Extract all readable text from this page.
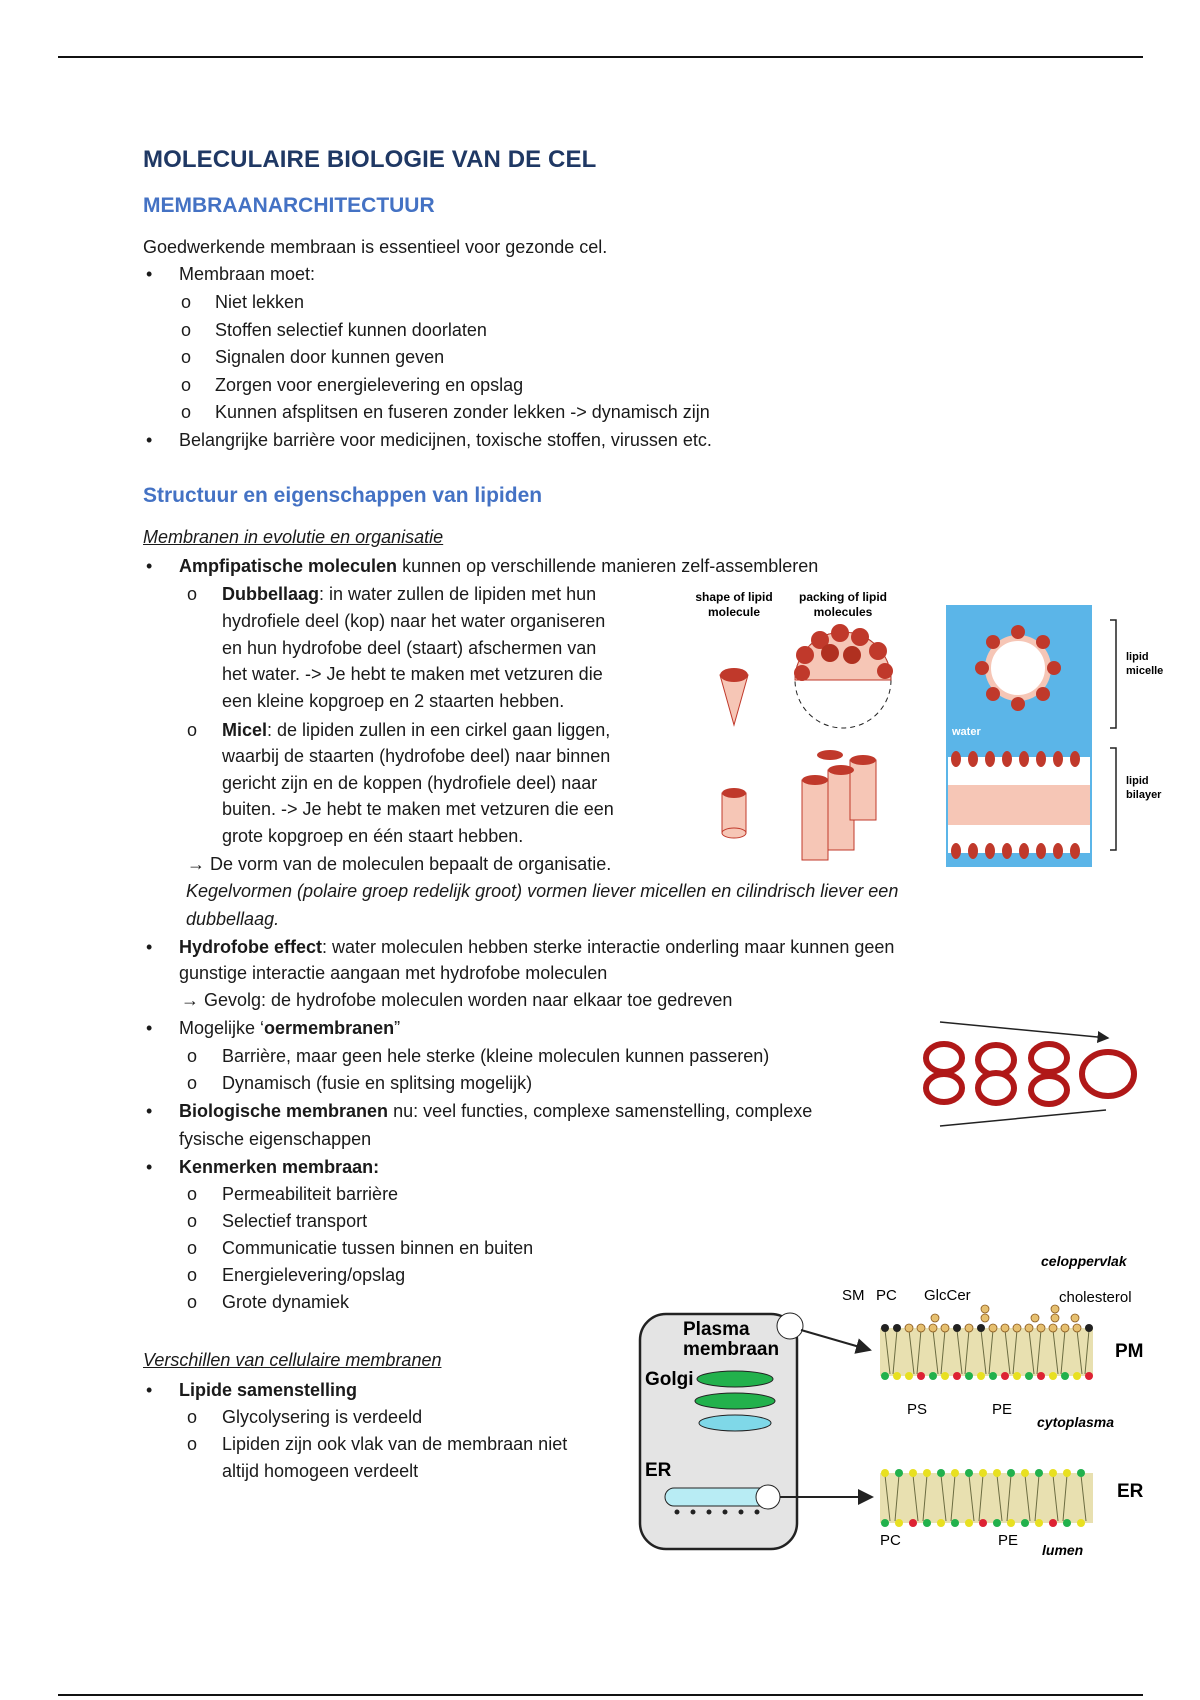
MOLECULAIRE BIOLOGIE VAN DE CEL
MEMBRAANARCHITECTUUR
Goedwerkende membraan is essentieel voor gezonde cel.
• Membraan moet:
o Niet lekken
o Stoffen selectief kunnen doorlaten
o Signalen door kunnen geven
o Zorgen voor energielevering en opslag
o Kunnen afsplitsen en fuseren zonder lekken -> dynamisch zijn
• Belangrijke barrière voor medicijnen, toxische stoffen, virussen etc.
Structuur en eigenschappen van lipiden
Membranen in evolutie en organisatie
• Ampfipatische moleculen kunnen op verschillende manieren zelf-assembleren
o Dubbellaag: in water zullen de lipiden met hun
hydrofiele deel (kop) naar het water organiseren
en hun hydrofobe deel (staart) afschermen van
het water. -> Je hebt te maken met vetzuren die
een kleine kopgroep en 2 staarten hebben.
o Micel: de lipiden zullen in een cirkel gaan liggen,
waarbij de staarten (hydrofobe deel) naar binnen
gericht zijn en de koppen (hydrofiele deel) naar
buiten. -> Je hebt te maken met vetzuren die een
grote kopgroep en één staart hebben.
→ De vorm van de moleculen bepaalt de organisatie.
Kegelvormen (polaire groep redelijk groot) vormen liever micellen en cilindrisch liever een
dubbellaag.
• Hydrofobe effect: water moleculen hebben sterke interactie onderling maar kunnen geen
gunstige interactie aangaan met hydrofobe moleculen
→ Gevolg: de hydrofobe moleculen worden naar elkaar toe gedreven
• Mogelijke ‘oermembranen”
o Barrière, maar geen hele sterke (kleine moleculen kunnen passeren)
o Dynamisch (fusie en splitsing mogelijk)
• Biologische membranen nu: veel functies, complexe samenstelling, complexe
fysische eigenschappen
• Kenmerken membraan:
o Permeabiliteit barrière
o Selectief transport
o Communicatie tussen binnen en buiten
o Energielevering/opslag
o Grote dynamiek
Verschillen van cellulaire membranen
• Lipide samenstelling
o Glycolysering is verdeeld
o Lipiden zijn ook vlak van de membraan niet
altijd homogeen verdeelt
shape of lipid
molecule
packing of lipid
molecules
water
lipid
micelle
lipid
bilayer
celoppervlak
SM PC GlcCer	cholesterol
Plasma
membraan
Golgi
ER
PM
PS	PE
cytoplasma
ER
PC	PE
lumen
